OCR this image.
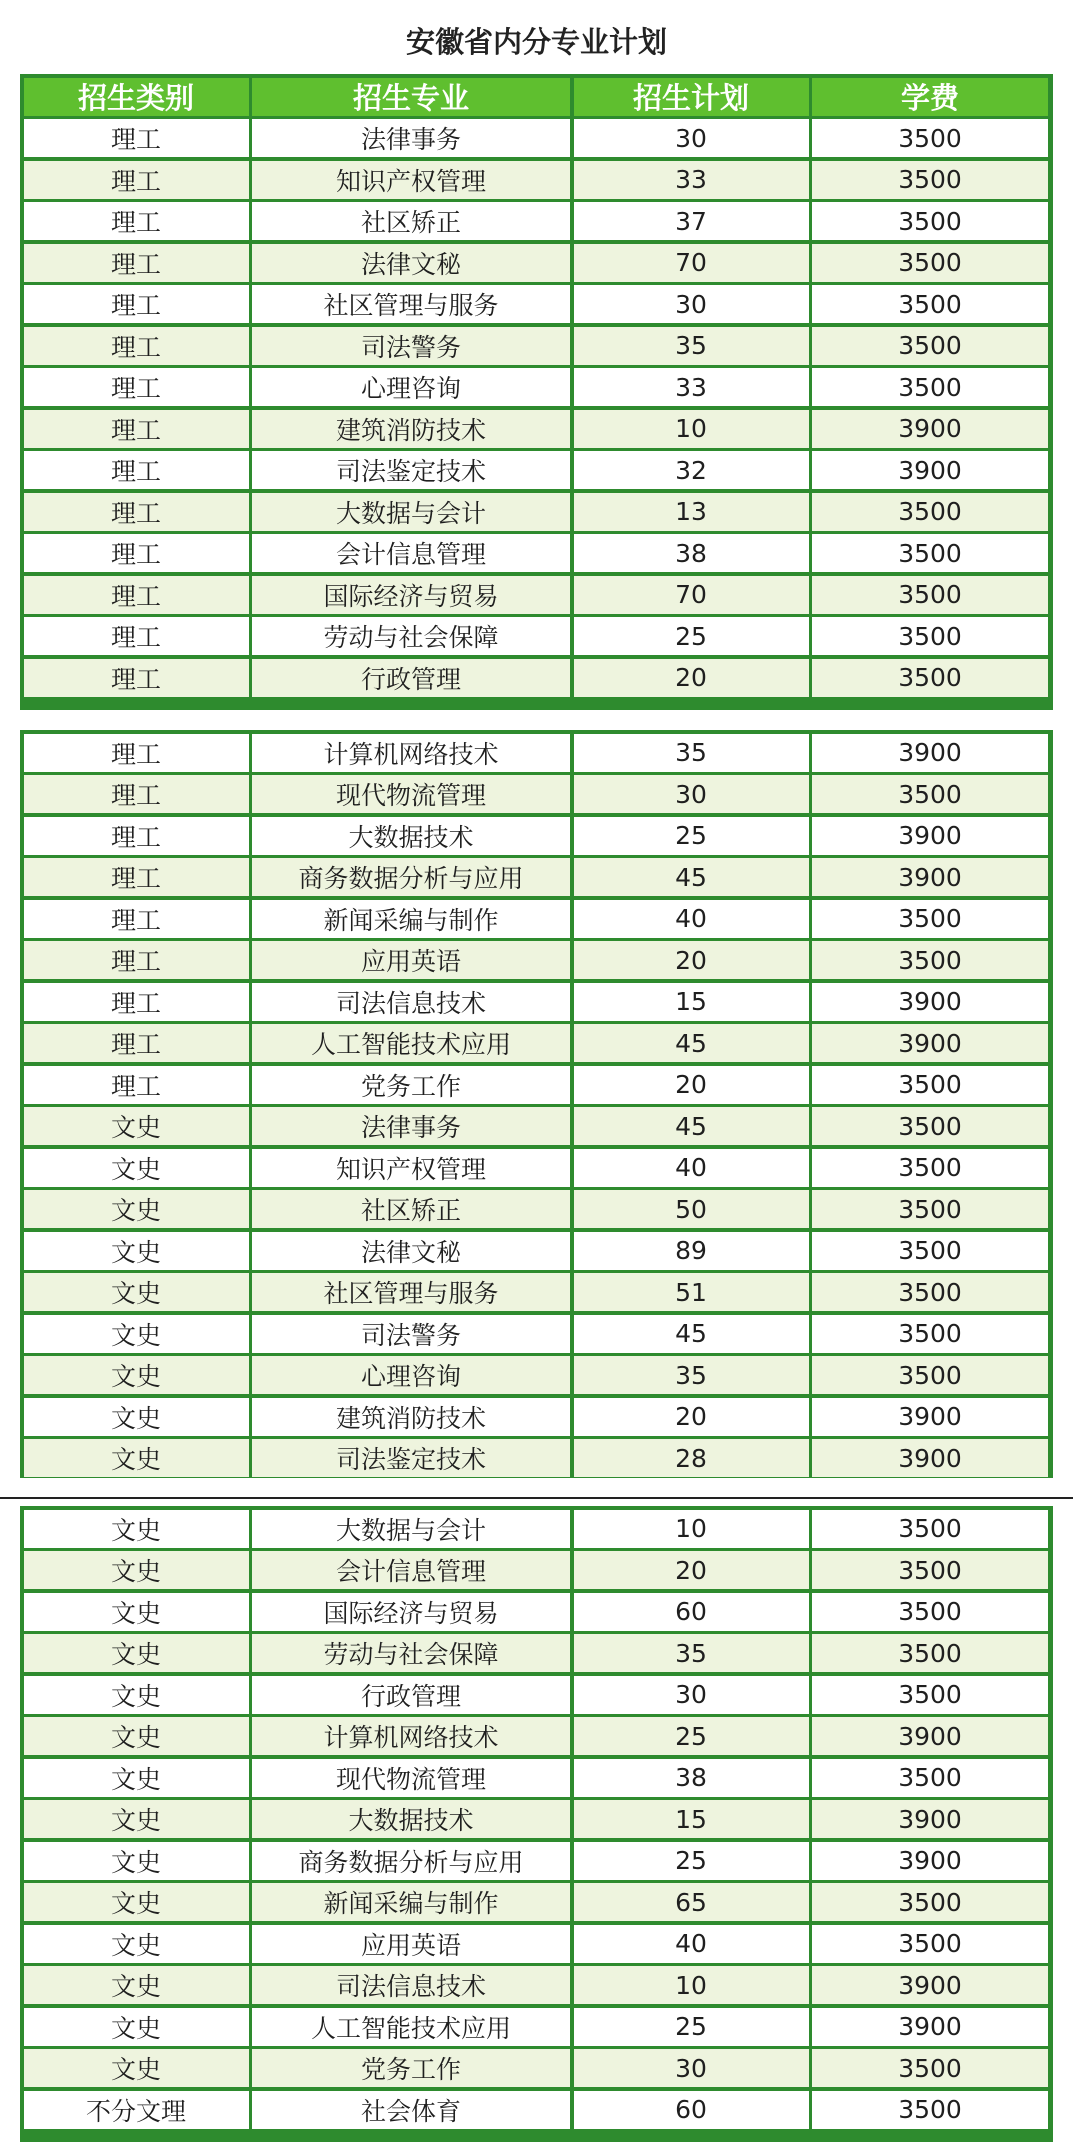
安徽省内分专业计划
招生类别	招生专业	招生计划	学费
理工	法律事务	30	3500
理工	知识产权管理	33	3500
理工	社区矫正	37	3500
理工	法律文秘	70	3500
理工	社区管理与服务	30	3500
理工	司法警务	35	3500
理工	心理咨询	33	3500
理工	建筑消防技术	10	3900
理工	司法鉴定技术	32	3900
理工	大数据与会计	13	3500
理工	会计信息管理	38	3500
理工	国际经济与贸易	70	3500
理工	劳动与社会保障	25	3500
理工	行政管理	20	3500
理工	计算机网络技术	35	3900
理工	现代物流管理	30	3500
理工	大数据技术	25	3900
理工	商务数据分析与应用	45	3900
理工	新闻采编与制作	40	3500
理工	应用英语	20	3500
理工	司法信息技术	15	3900
理工	人工智能技术应用	45	3900
理工	党务工作	20	3500
文史	法律事务	45	3500
文史	知识产权管理	40	3500
文史	社区矫正	50	3500
文史	法律文秘	89	3500
文史	社区管理与服务	51	3500
文史	司法警务	45	3500
文史	心理咨询	35	3500
文史	建筑消防技术	20	3900
文史	司法鉴定技术	28	3900
文史	大数据与会计	10	3500
文史	会计信息管理	20	3500
文史	国际经济与贸易	60	3500
文史	劳动与社会保障	35	3500
文史	行政管理	30	3500
文史	计算机网络技术	25	3900
文史	现代物流管理	38	3500
文史	大数据技术	15	3900
文史	商务数据分析与应用	25	3900
文史	新闻采编与制作	65	3500
文史	应用英语	40	3500
文史	司法信息技术	10	3900
文史	人工智能技术应用	25	3900
文史	党务工作	30	3500
不分文理	社会体育	60	3500
